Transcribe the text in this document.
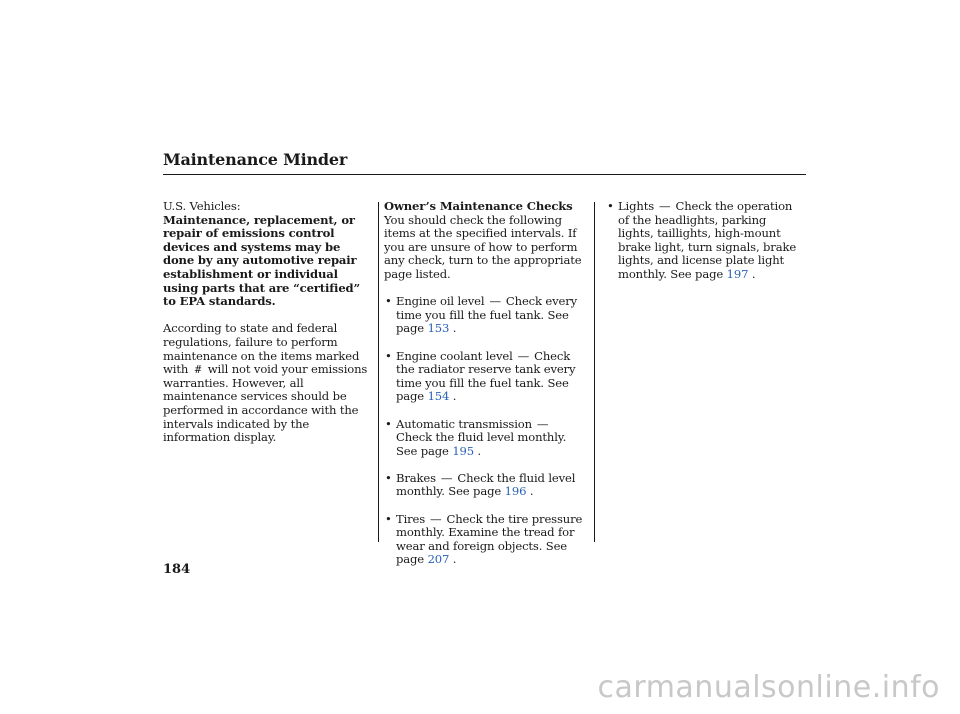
Maintenance Minder

U.S. Vehicles:

Maintenance, replacement, or repair of emissions control devices and systems may be done by any automotive repair establishment or individual using parts that are “certified” to EPA standards.

According to state and federal regulations, failure to perform maintenance on the items marked with # will not void your emissions warranties. However, all maintenance services should be performed in accordance with the intervals indicated by the information display.

Owner’s Maintenance Checks

You should check the following items at the specified intervals. If you are unsure of how to perform any check, turn to the appropriate page listed.

• Engine oil level — Check every time you fill the fuel tank. See page 153 .
• Engine coolant level — Check the radiator reserve tank every time you fill the fuel tank. See page 154 .
• Automatic transmission —Check the fluid level monthly. See page 195 .
• Brakes — Check the fluid level monthly. See page 196 .
• Tires — Check the tire pressure monthly. Examine the tread for wear and foreign objects. See page 207 .
• Lights — Check the operation of the headlights, parking lights, taillights, high-mount brake light, turn signals, brake lights, and license plate light monthly. See page 197 .
184
carmanualsonline.info
